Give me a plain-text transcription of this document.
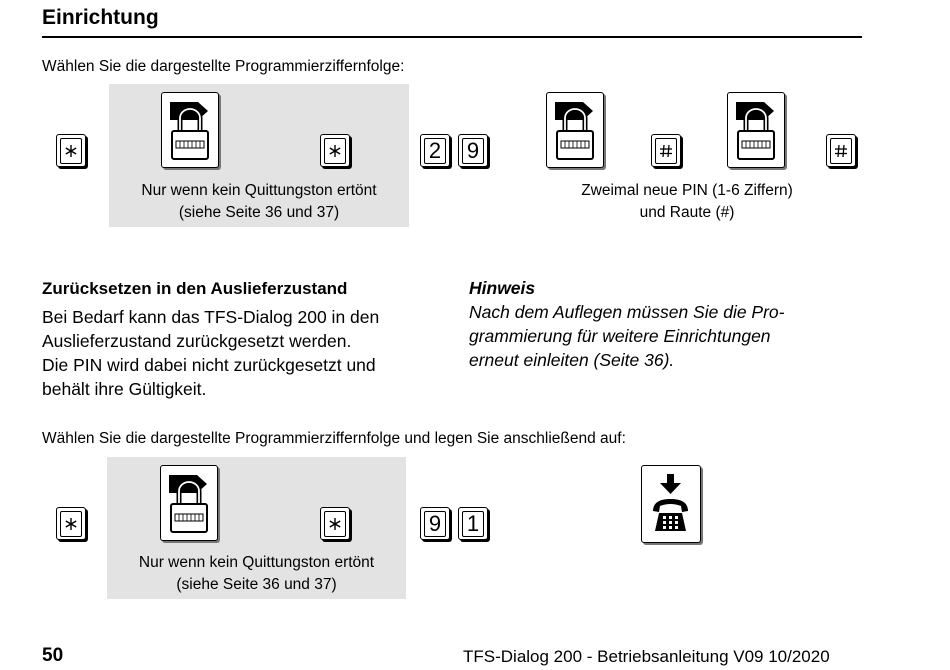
Einrichtung
Wählen Sie die dargestellte Programmierziffernfolge:
Nur wenn kein Quittungston ertönt
(siehe Seite 36 und 37)
2 9
Zweimal neue PIN (1-6 Ziffern)
und Raute (#)
Zurücksetzen in den Auslieferzustand
Bei Bedarf kann das TFS-Dialog 200 in den
Auslieferzustand zurückgesetzt werden.
Die PIN wird dabei nicht zurückgesetzt und
behält ihre Gültigkeit.
Hinweis
Nach dem Auflegen müssen Sie die Pro-
grammierung für weitere Einrichtungen
erneut einleiten (Seite 36).
Wählen Sie die dargestellte Programmierziffernfolge und legen Sie anschließend auf:
Nur wenn kein Quittungston ertönt
(siehe Seite 36 und 37)
9 1
50	TFS-Dialog 200 - Betriebsanleitung V09 10/2020
